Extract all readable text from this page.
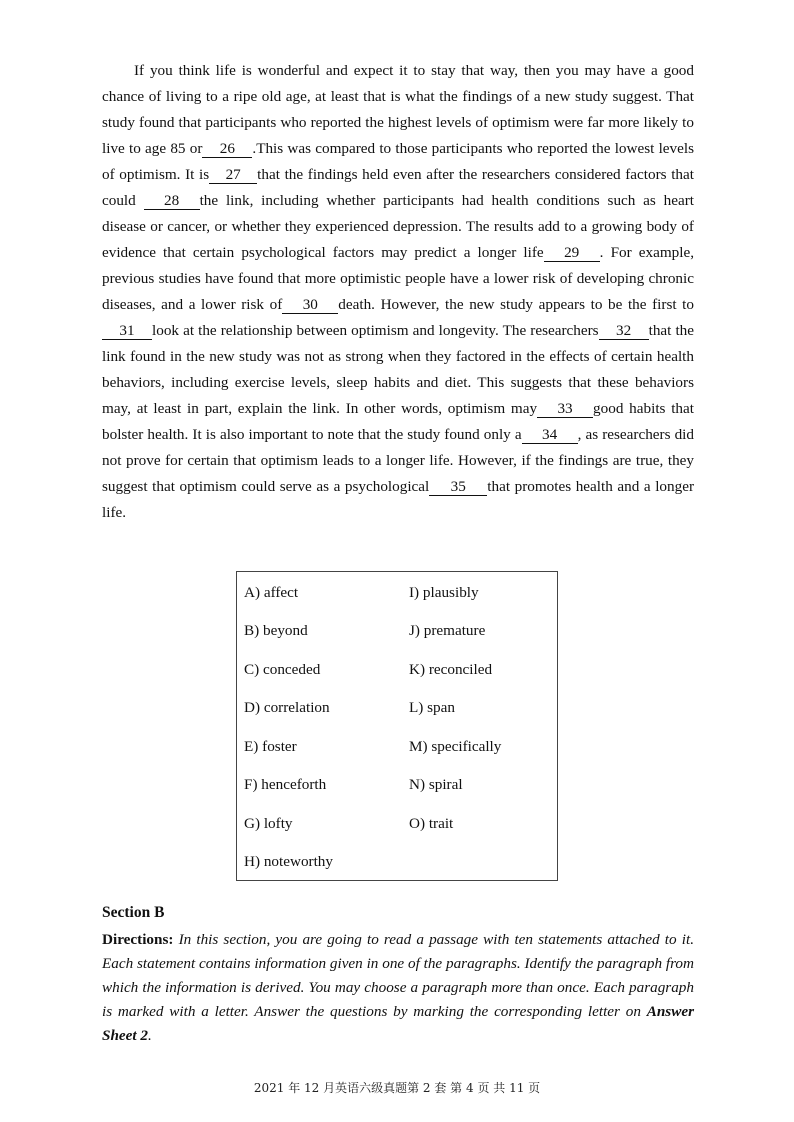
If you think life is wonderful and expect it to stay that way, then you may have a good chance of living to a ripe old age, at least that is what the findings of a new study suggest. That study found that participants who reported the highest levels of optimism were far more likely to live to age 85 or 26 .This was compared to those participants who reported the lowest levels of optimism. It is 27 that the findings held even after the researchers considered factors that could 28 the link, including whether participants had health conditions such as heart disease or cancer, or whether they experienced depression. The results add to a growing body of evidence that certain psychological factors may predict a longer life 29 . For example, previous studies have found that more optimistic people have a lower risk of developing chronic diseases, and a lower risk of 30 death. However, the new study appears to be the first to31 look at the relationship between optimism and longevity. The researchers 32 that the link found in the new study was not as strong when they factored in the effects of certain health behaviors, including exercise levels, sleep habits and diet. This suggests that these behaviors may, at least in part, explain the link. In other words, optimism may 33 good habits that bolster health. It is also important to note that the study found only a 34 , as researchers did not prove for certain that optimism leads to a longer life. However, if the findings are true, they suggest that optimism could serve as a psychological 35 that promotes health and a longer life.

A) affect
B) beyond
C) conceded
D) correlation
E) foster
F) henceforth
G) lofty
H) noteworthy
I) plausibly
J) premature
K) reconciled
L) span
M) specifically
N) spiral
O) trait
Section B

Directions: In this section, you are going to read a passage with ten statements attached to it. Each statement contains information given in one of the paragraphs. Identify the paragraph from which the information is derived. You may choose a paragraph more than once. Each paragraph is marked with a letter. Answer the questions by marking the corresponding letter on Answer Sheet 2.

2021 年 12 月英语六级真题第 2 套 第 4 页 共 11 页
